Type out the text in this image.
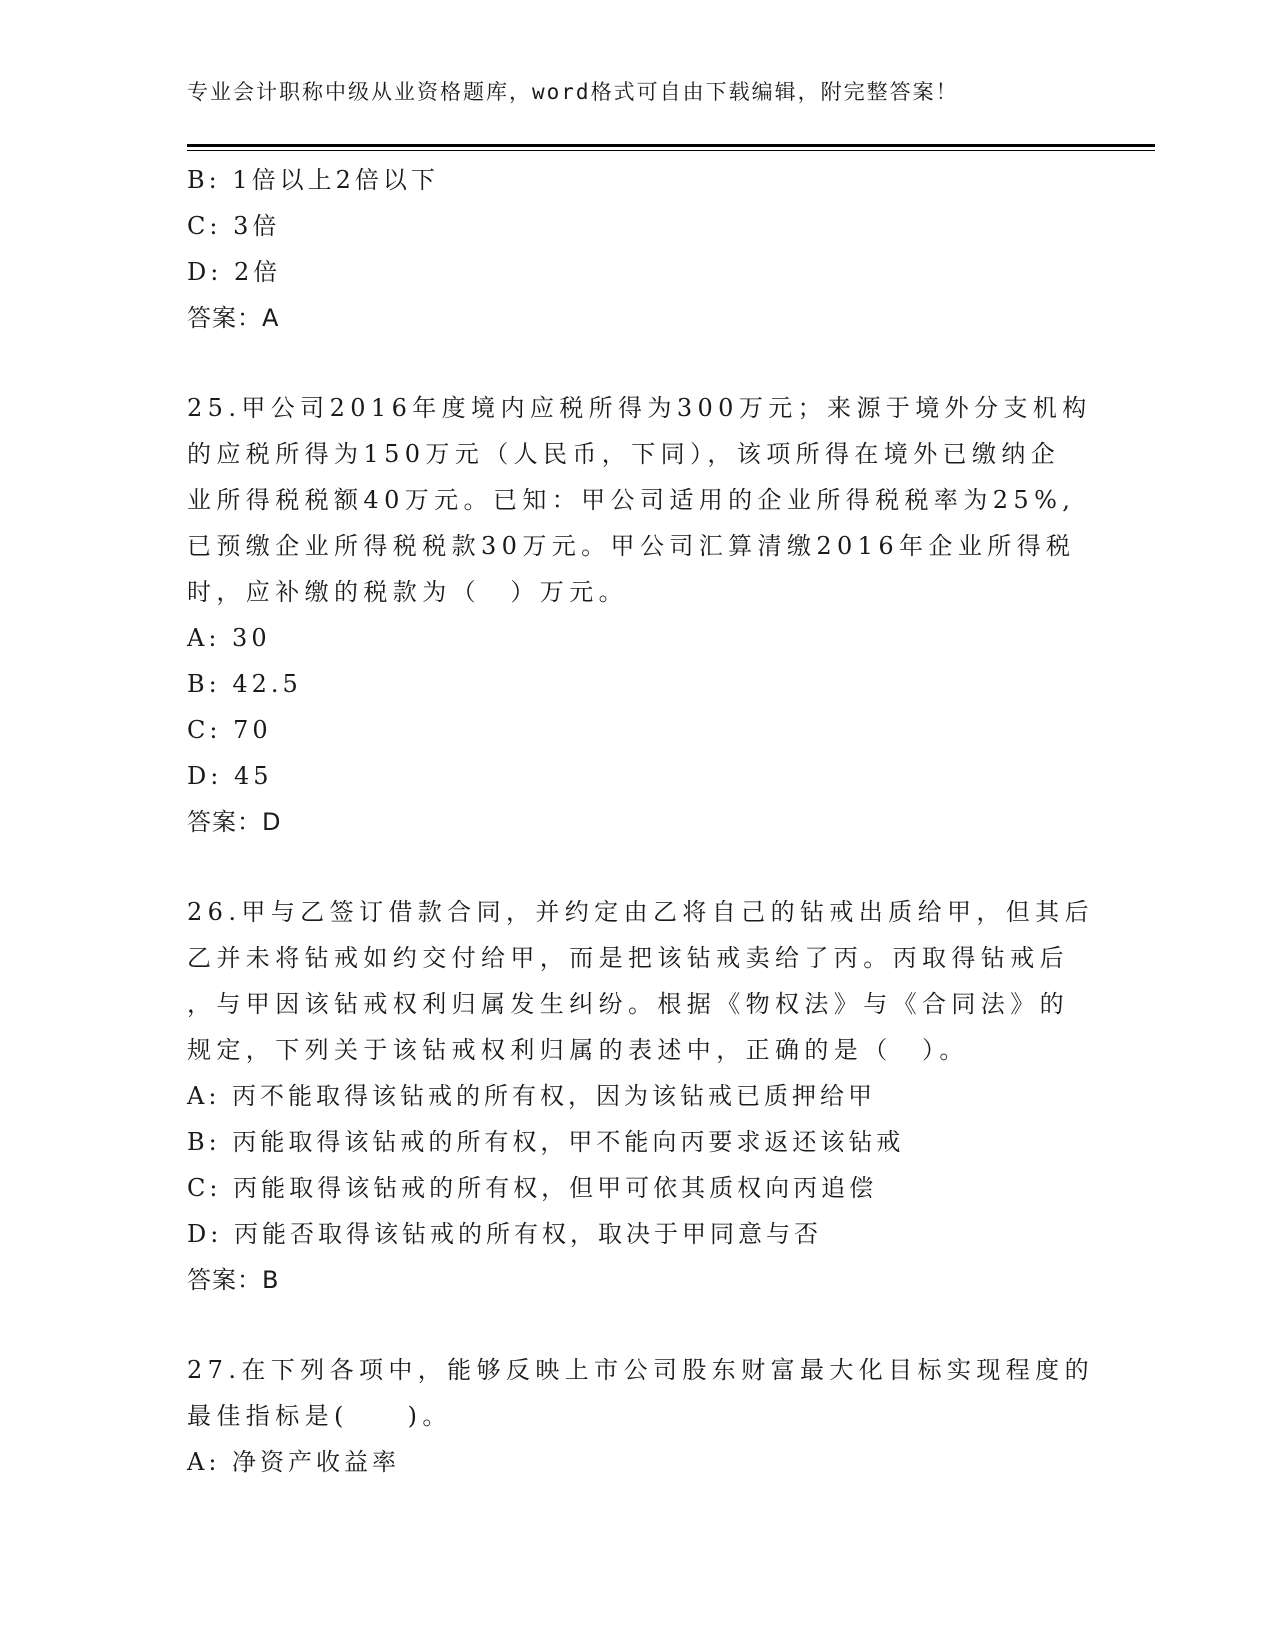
专业会计职称中级从业资格题库，word格式可自由下载编辑，附完整答案！
B: 1倍以上2倍以下
C: 3倍
D: 2倍
答案：A
25.甲公司2016年度境内应税所得为300万元；来源于境外分支机构
的应税所得为150万元（人民币，下同），该项所得在境外已缴纳企
业所得税税额40万元。已知：甲公司适用的企业所得税税率为25%,
已预缴企业所得税税款30万元。甲公司汇算清缴2016年企业所得税
时，应补缴的税款为（　）万元。
A: 30
B: 42.5
C: 70
D: 45
答案：D
26.甲与乙签订借款合同，并约定由乙将自己的钻戒出质给甲，但其后
乙并未将钻戒如约交付给甲，而是把该钻戒卖给了丙。丙取得钻戒后
，与甲因该钻戒权利归属发生纠纷。根据《物权法》与《合同法》的
规定，下列关于该钻戒权利归属的表述中，正确的是（　）。
A: 丙不能取得该钻戒的所有权，因为该钻戒已质押给甲
B: 丙能取得该钻戒的所有权，甲不能向丙要求返还该钻戒
C: 丙能取得该钻戒的所有权，但甲可依其质权向丙追偿
D: 丙能否取得该钻戒的所有权，取决于甲同意与否
答案：B
27.在下列各项中，能够反映上市公司股东财富最大化目标实现程度的
最佳指标是(　　)。
A: 净资产收益率
